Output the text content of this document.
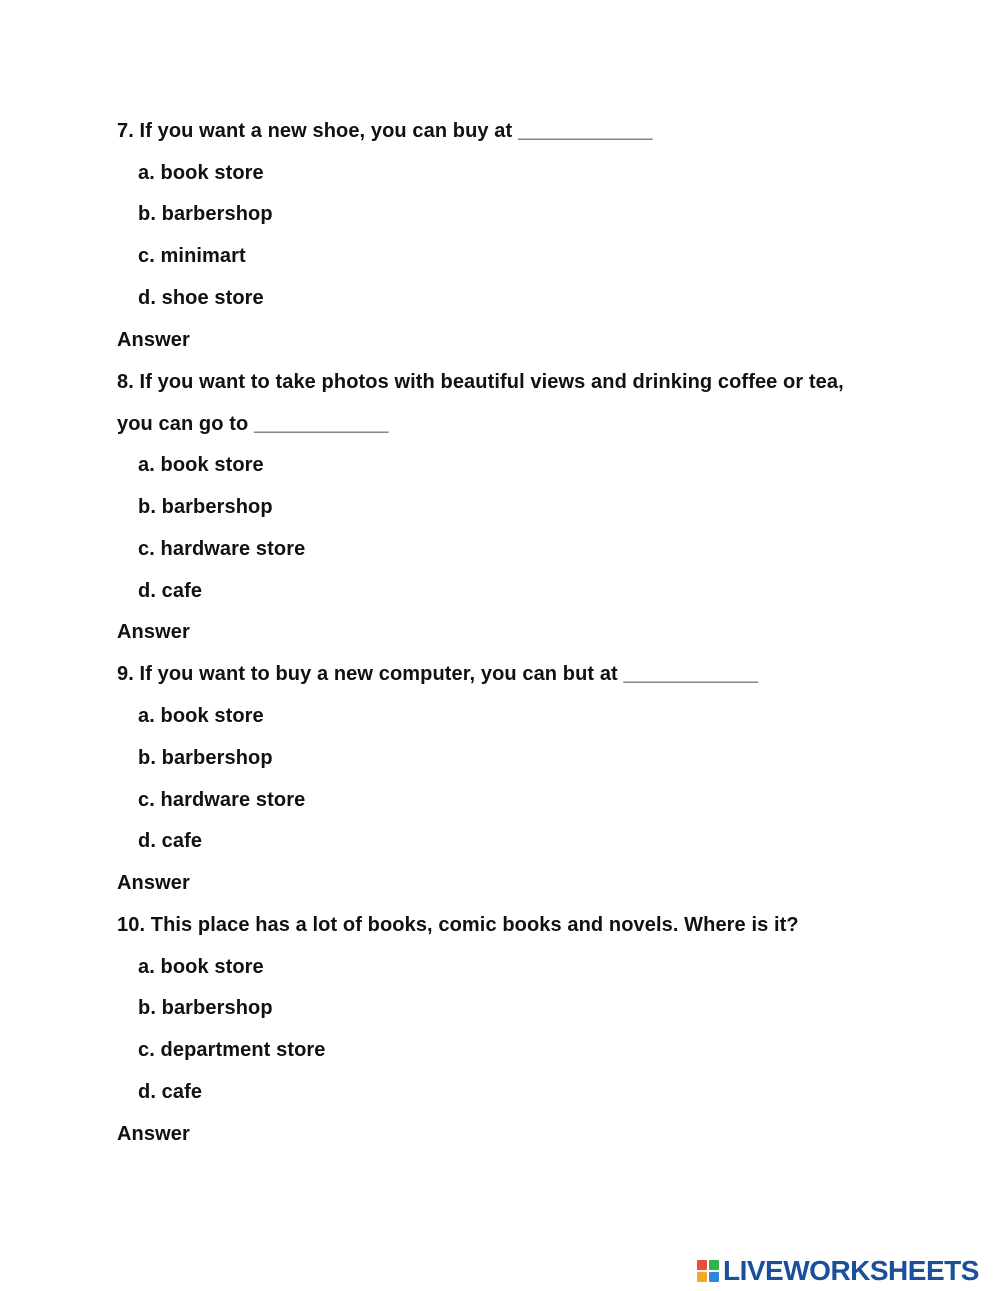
7. If you want a new shoe, you can buy at ____________
a. book store
b. barbershop
c. minimart
d. shoe store
Answer
8. If you want to take photos with beautiful views and drinking coffee or tea,
you can go to ____________
a. book store
b. barbershop
c. hardware store
d. cafe
Answer
9. If you want to buy a new computer, you can but at ____________
a. book store
b. barbershop
c. hardware store
d. cafe
Answer
10. This place has a lot of books, comic books and novels. Where is it?
a. book store
b. barbershop
c. department store
d. cafe
Answer
LIVEWORKSHEETS
